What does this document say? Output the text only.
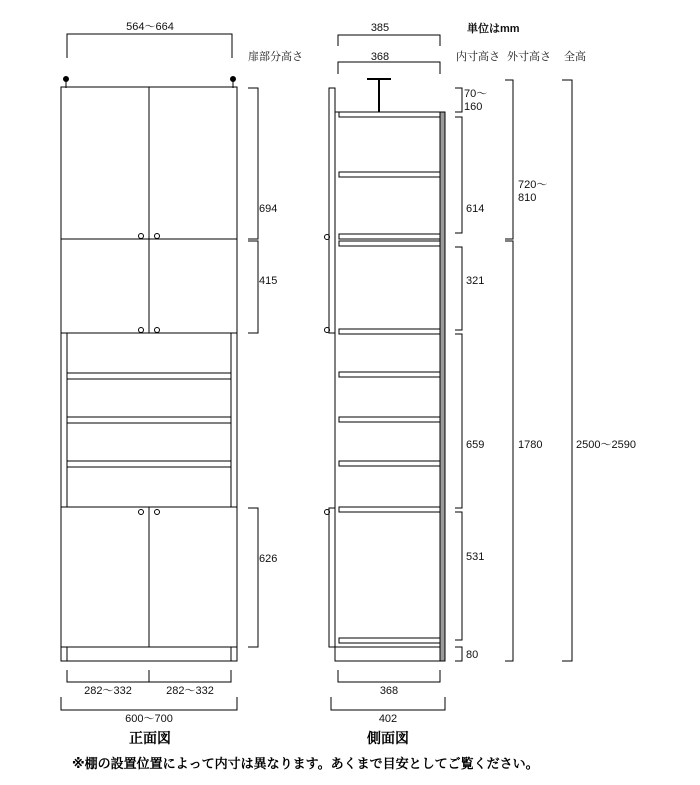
564～664
扉部分高さ
694
415
626
282～332	282～332
600～700
正面図
単位はmm
385
368	内寸高さ 外寸高さ 全高
70～
160
614
321
659
531
80
720～
810
1780	2500～2590
368
402
側面図
※棚の設置位置によって内寸は異なります。あくまで目安としてご覧ください。
